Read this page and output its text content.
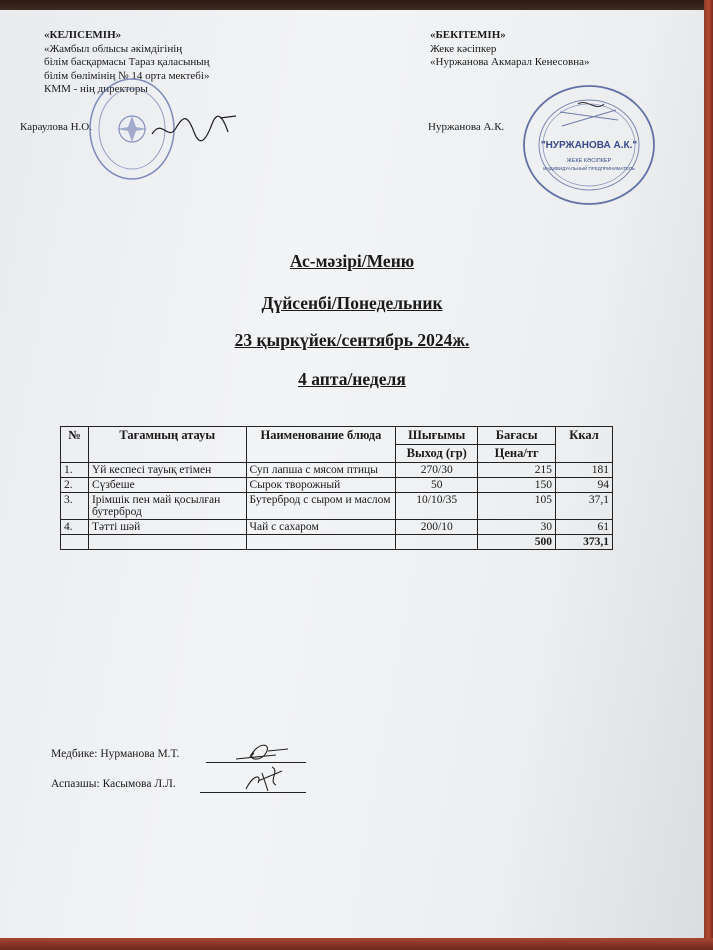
«КЕЛІСЕМІН»
«Жамбыл облысы әкімдігінің
білім басқармасы Тараз қаласының
білім бөлімінің № 14 орта мектебі»
КММ - нің директоры
Караулова Н.О.
«БЕКІТЕМІН»
Жеке кәсіпкер
«Нуржанова Акмарал Кенесовна»
Нуржанова А.К.
"НУРЖАНОВА А.К."
ЖЕКЕ КӘСІПКЕР
ИНДИВИДУАЛЬНЫЙ ПРЕДПРИНИМАТЕЛЬ
Ас-мәзірі/Меню
Дүйсенбі/Понедельник
23 қыркүйек/сентябрь 2024ж.
4 апта/неделя
№	Тағамның атауы	Наименование блюда	Шығымы	Бағасы	Ккал
			Выход (гр)	Цена/тг	
1.	Үй кеспесі тауық етімен	Суп лапша с мясом птицы	270/30	215	181
2.	Сүзбеше	Сырок творожный	50	150	94
3.	Ірімшік пен май қосылған бутерброд	Бутерброд с сыром и маслом	10/10/35	105	37,1
4.	Тәтті шәй	Чай с сахаром	200/10	30	61
				500	373,1
Медбике: Нурманова М.Т.
Аспазшы: Касымова Л.Л.
